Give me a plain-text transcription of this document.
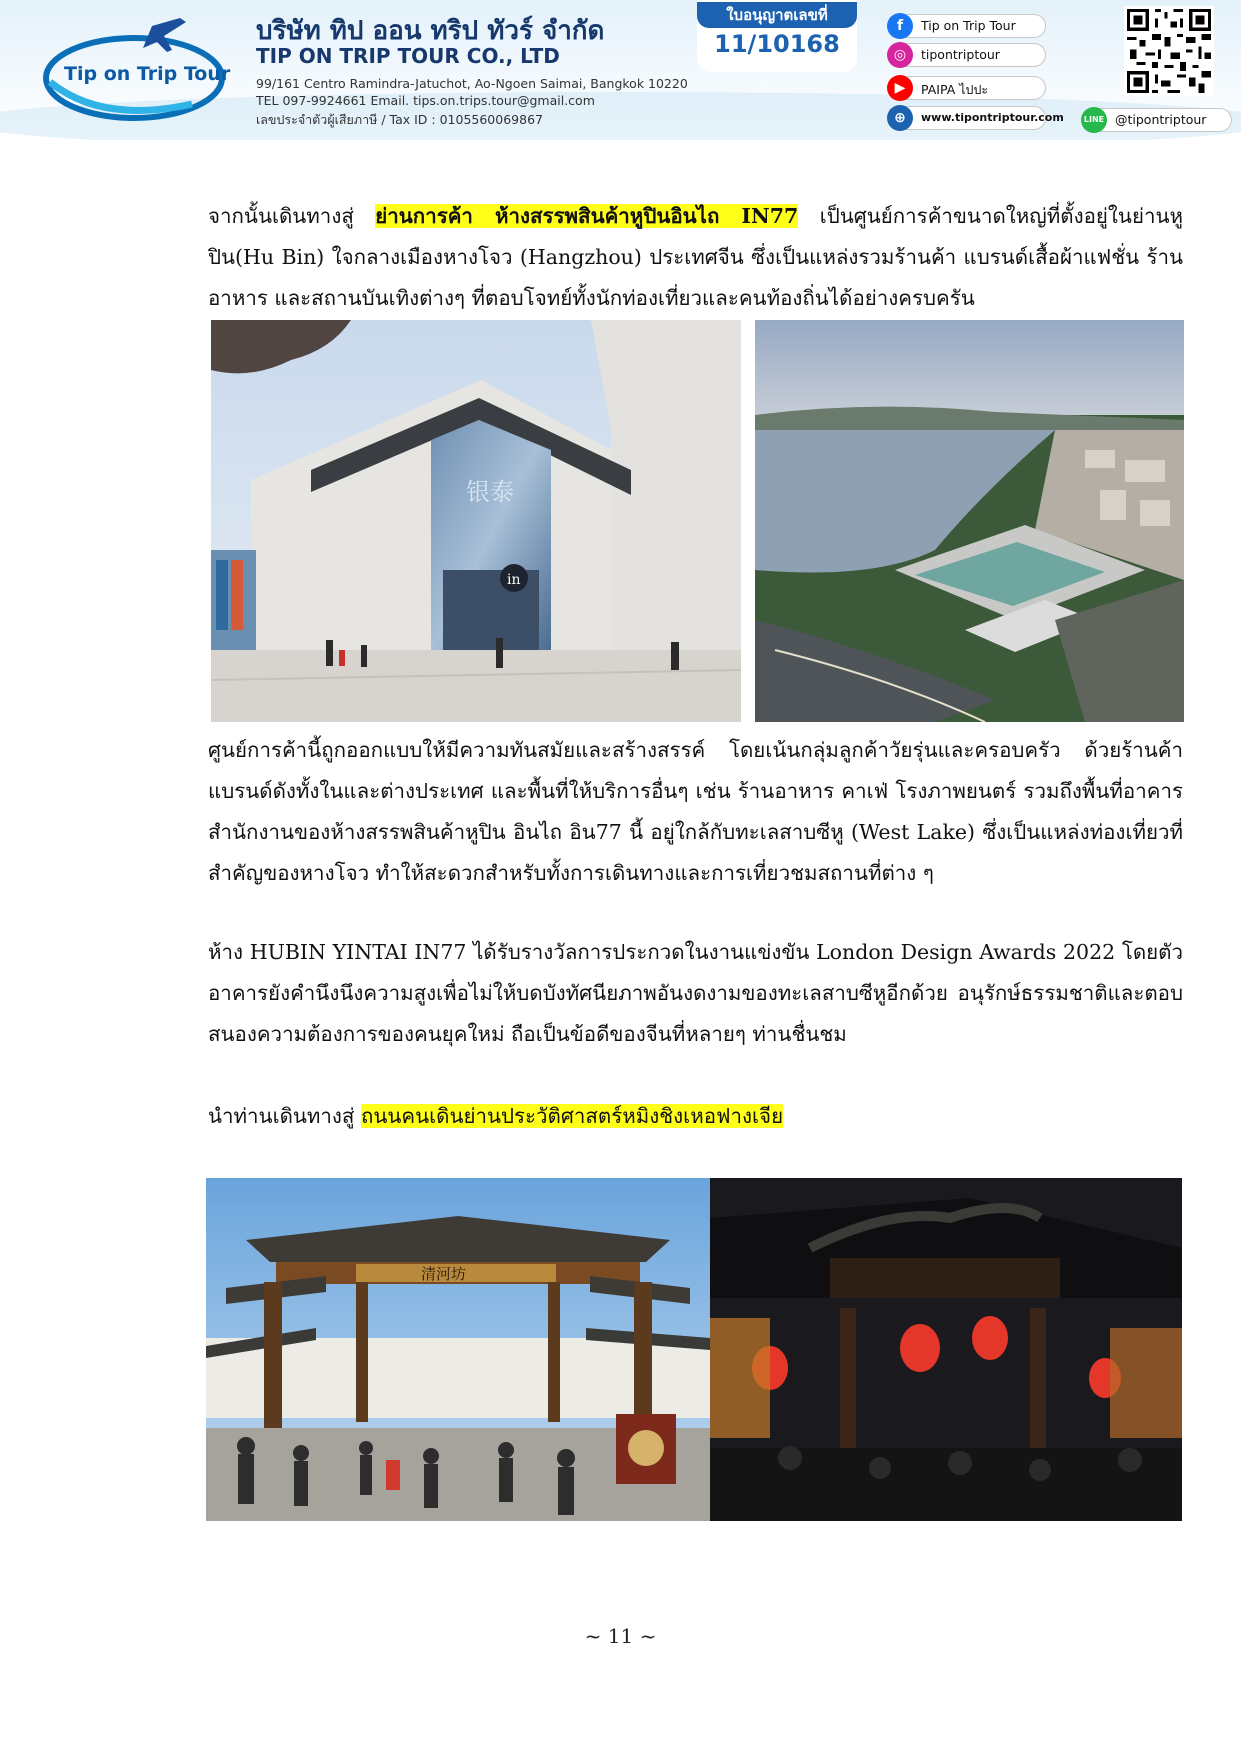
Tip on Trip Tour
บริษัท ทิป ออน ทริป ทัวร์ จำกัด
TIP ON TRIP TOUR CO., LTD
99/161 Centro Ramindra-Jatuchot, Ao-Ngoen Saimai, Bangkok 10220
TEL 097-9924661 Email. tips.on.trips.tour@gmail.com
เลขประจำตัวผู้เสียภาษี / Tax ID : 0105560069867
ใบอนุญาตเลขที่
11/10168
f	Tip on Trip Tour
◎	tipontriptour
▶	PAIPA ไปปะ
⊕	www.tipontriptour.com	LINE @tipontriptour

จากนั้นเดินทางสู่ ย่านการค้า ห้างสรรพสินค้าหูปินอินไถ IN77 เป็นศูนย์การค้าขนาดใหญ่ที่ตั้งอยู่ในย่านหูปิน(Hu Bin) ใจกลางเมืองหางโจว (Hangzhou) ประเทศจีน ซึ่งเป็นแหล่งรวมร้านค้า แบรนด์เสื้อผ้าแฟชั่น ร้านอาหาร และสถานบันเทิงต่างๆ ที่ตอบโจทย์ทั้งนักท่องเที่ยวและคนท้องถิ่นได้อย่างครบครัน

in
银泰

ศูนย์การค้านี้ถูกออกแบบให้มีความทันสมัยและสร้างสรรค์ โดยเน้นกลุ่มลูกค้าวัยรุ่นและครอบครัว ด้วยร้านค้าแบรนด์ดังทั้งในและต่างประเทศ และพื้นที่ให้บริการอื่นๆ เช่น ร้านอาหาร คาเฟ่ โรงภาพยนตร์ รวมถึงพื้นที่อาคารสำนักงานของห้างสรรพสินค้าหูปิน อินไถ อิน77 นี้ อยู่ใกล้กับทะเลสาบซีหู (West Lake) ซึ่งเป็นแหล่งท่องเที่ยวที่สำคัญของหางโจว ทำให้สะดวกสำหรับทั้งการเดินทางและการเที่ยวชมสถานที่ต่าง ๆ

ห้าง HUBIN YINTAI IN77 ได้รับรางวัลการประกวดในงานแข่งขัน London Design Awards 2022 โดยตัวอาคารยังคำนึงนึงความสูงเพื่อไม่ให้บดบังทัศนียภาพอันงดงามของทะเลสาบซีหูอีกด้วย อนุรักษ์ธรรมชาติและตอบสนองความต้องการของคนยุคใหม่ ถือเป็นข้อดีของจีนที่หลายๆ ท่านชื่นชม

นำท่านเดินทางสู่ ถนนคนเดินย่านประวัติศาสตร์หมิงชิงเหอฟางเจีย

清河坊
~ 11 ~
